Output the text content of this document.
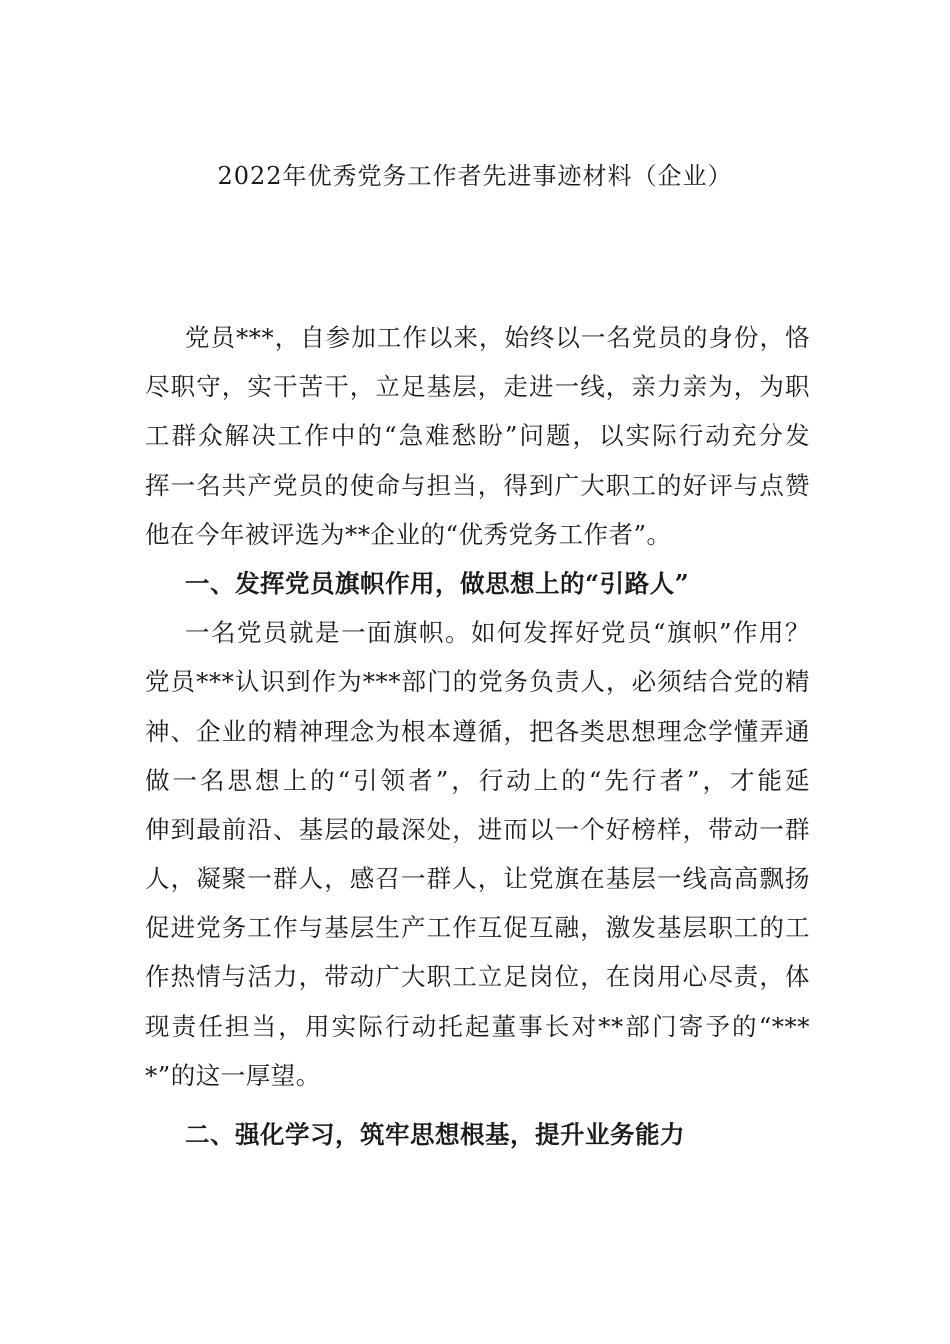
2022年优秀党务工作者先进事迹材料（企业）
党员***，自参加工作以来，始终以一名党员的身份，恪
尽职守，实干苦干，立足基层，走进一线，亲力亲为，为职
工群众解决工作中的“急难愁盼”问题，以实际行动充分发
挥一名共产党员的使命与担当，得到广大职工的好评与点赞
他在今年被评选为**企业的“优秀党务工作者”。
一、发挥党员旗帜作用，做思想上的“引路人”
一名党员就是一面旗帜。如何发挥好党员“旗帜”作用？
党员***认识到作为***部门的党务负责人，必须结合党的精
神、企业的精神理念为根本遵循，把各类思想理念学懂弄通
做一名思想上的“引领者”，行动上的“先行者”，才能延
伸到最前沿、基层的最深处，进而以一个好榜样，带动一群
人，凝聚一群人，感召一群人，让党旗在基层一线高高飘扬
促进党务工作与基层生产工作互促互融，激发基层职工的工
作热情与活力，带动广大职工立足岗位，在岗用心尽责，体
现责任担当，用实际行动托起董事长对**部门寄予的“***
*”的这一厚望。
二、强化学习，筑牢思想根基，提升业务能力
